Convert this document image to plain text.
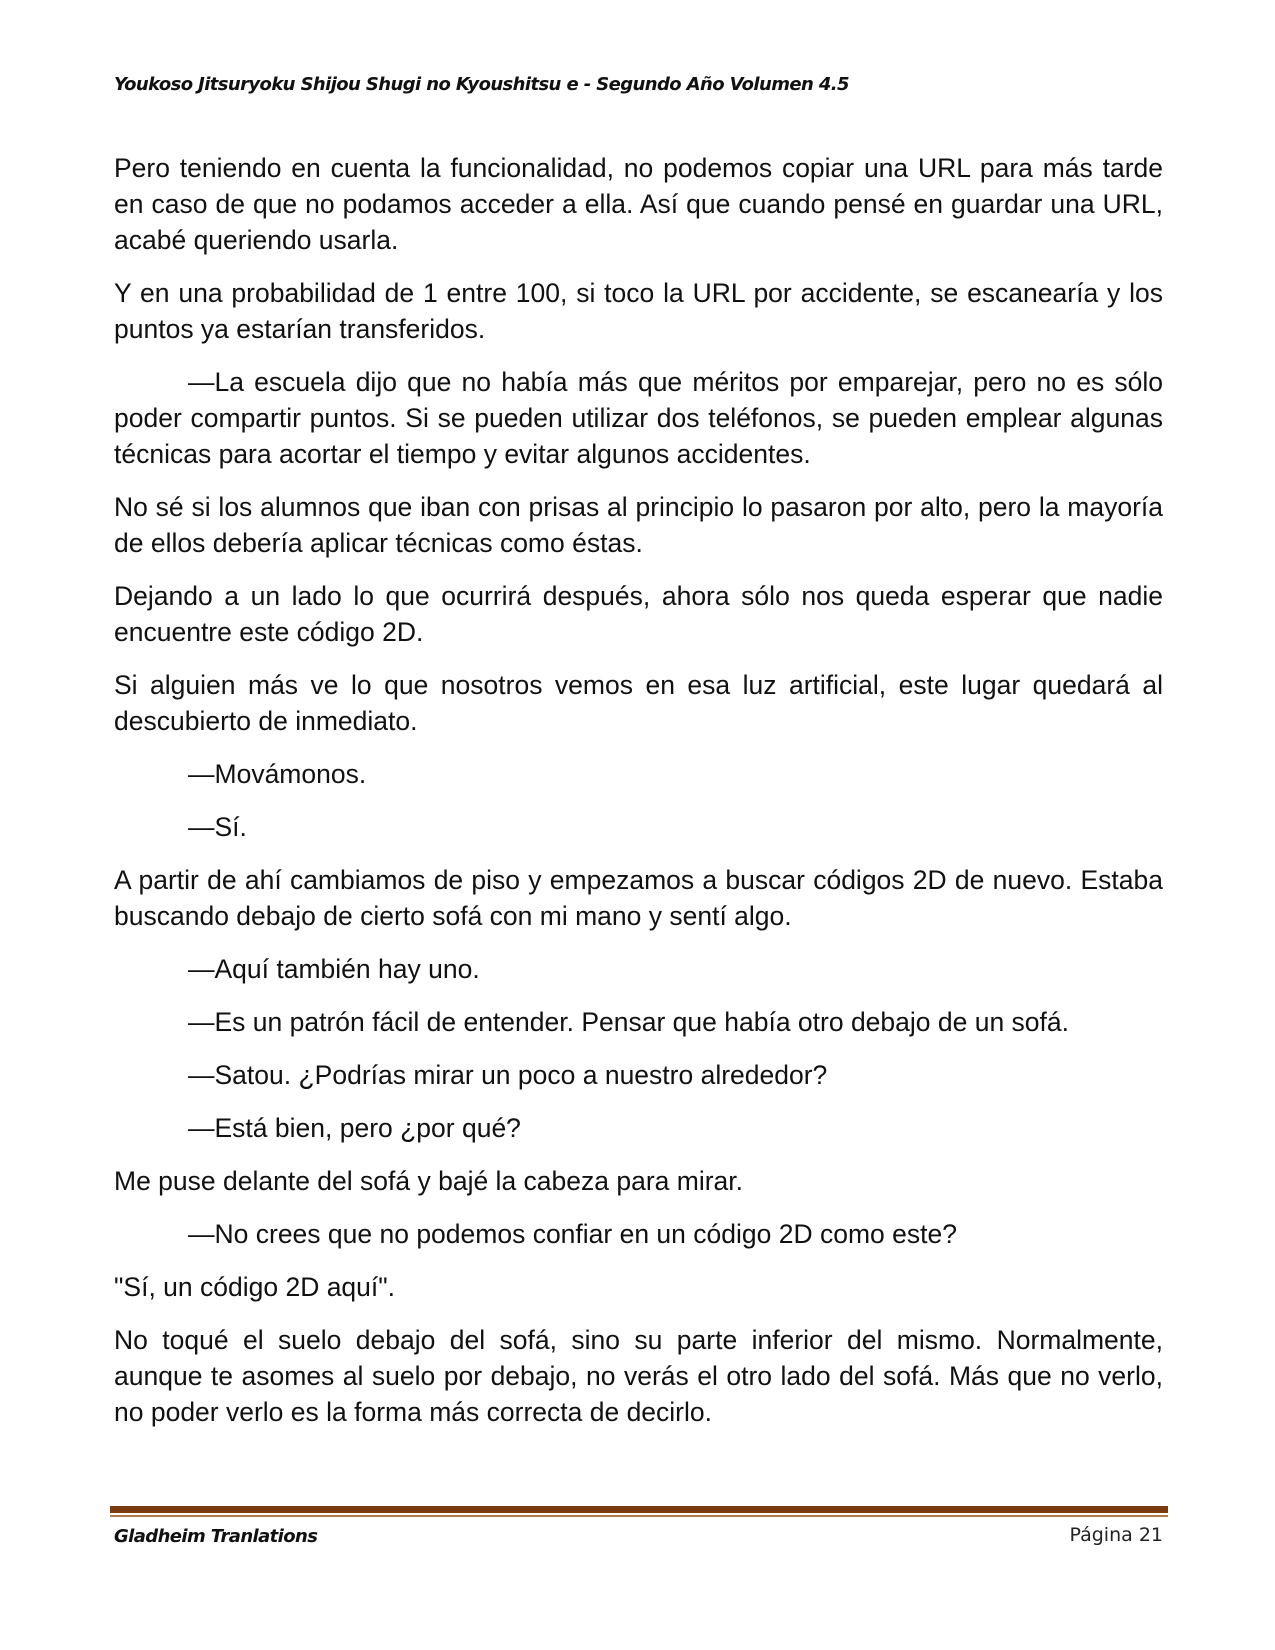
Youkoso Jitsuryoku Shijou Shugi no Kyoushitsu e - Segundo Año Volumen 4.5

Pero teniendo en cuenta la funcionalidad, no podemos copiar una URL para más tarde en caso de que no podamos acceder a ella. Así que cuando pensé en guardar una URL, acabé queriendo usarla.

Y en una probabilidad de 1 entre 100, si toco la URL por accidente, se escanearía y los puntos ya estarían transferidos.

—La escuela dijo que no había más que méritos por emparejar, pero no es sólo poder compartir puntos. Si se pueden utilizar dos teléfonos, se pueden emplear algunas técnicas para acortar el tiempo y evitar algunos accidentes.

No sé si los alumnos que iban con prisas al principio lo pasaron por alto, pero la mayoría de ellos debería aplicar técnicas como éstas.

Dejando a un lado lo que ocurrirá después, ahora sólo nos queda esperar que nadie encuentre este código 2D.

Si alguien más ve lo que nosotros vemos en esa luz artificial, este lugar quedará al descubierto de inmediato.

—Movámonos.

—Sí.

A partir de ahí cambiamos de piso y empezamos a buscar códigos 2D de nuevo. Estaba buscando debajo de cierto sofá con mi mano y sentí algo.

—Aquí también hay uno.

—Es un patrón fácil de entender. Pensar que había otro debajo de un sofá.

—Satou. ¿Podrías mirar un poco a nuestro alrededor?

—Está bien, pero ¿por qué?

Me puse delante del sofá y bajé la cabeza para mirar.

—No crees que no podemos confiar en un código 2D como este?

"Sí, un código 2D aquí".

No toqué el suelo debajo del sofá, sino su parte inferior del mismo. Normalmente, aunque te asomes al suelo por debajo, no verás el otro lado del sofá. Más que no verlo, no poder verlo es la forma más correcta de decirlo.

Gladheim Tranlations	Página 21
